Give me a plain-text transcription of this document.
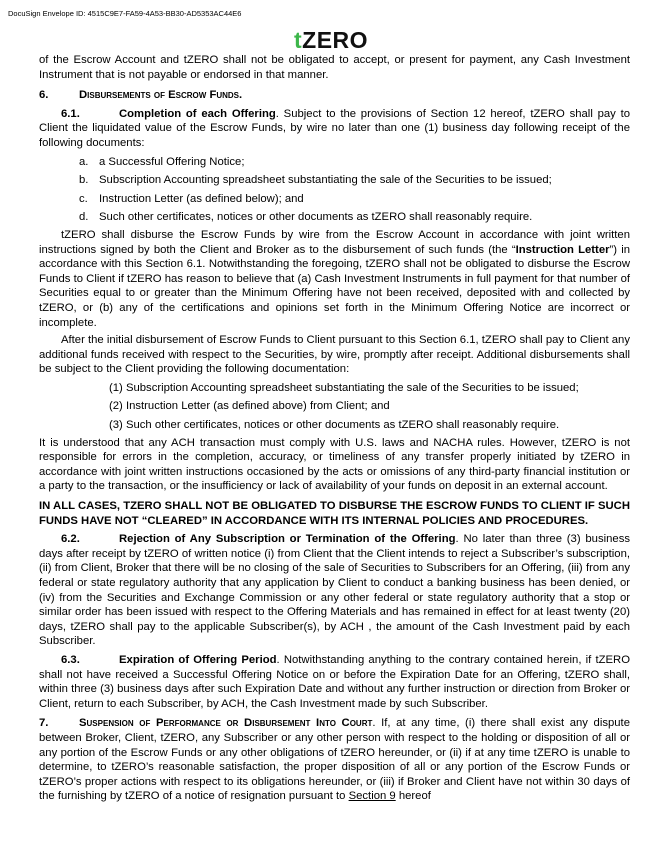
DocuSign Envelope ID: 4515C9E7-FA59-4A53-BB30-AD5353AC44E6
tZERO

of the Escrow Account and tZERO shall not be obligated to accept, or present for payment, any Cash Investment Instrument that is not payable or endorsed in that manner.

6.	Disbursements of Escrow Funds.

6.1.	Completion of each Offering. Subject to the provisions of Section 12 hereof, tZERO shall pay to Client the liquidated value of the Escrow Funds, by wire no later than one (1) business day following receipt of the following documents:

a. a Successful Offering Notice;
b. Subscription Accounting spreadsheet substantiating the sale of the Securities to be issued;
c. Instruction Letter (as defined below); and
d. Such other certificates, notices or other documents as tZERO shall reasonably require.

tZERO shall disburse the Escrow Funds by wire from the Escrow Account in accordance with joint written instructions signed by both the Client and Broker as to the disbursement of such funds (the “Instruction Letter”) in accordance with this Section 6.1. Notwithstanding the foregoing, tZERO shall not be obligated to disburse the Escrow Funds to Client if tZERO has reason to believe that (a) Cash Investment Instruments in full payment for that number of Securities equal to or greater than the Minimum Offering have not been received, deposited with and collected by tZERO, or (b) any of the certifications and opinions set forth in the Minimum Offering Notice are incorrect or incomplete.

After the initial disbursement of Escrow Funds to Client pursuant to this Section 6.1, tZERO shall pay to Client any additional funds received with respect to the Securities, by wire, promptly after receipt. Additional disbursements shall be subject to the Client providing the following documentation:

(1) Subscription Accounting spreadsheet substantiating the sale of the Securities to be issued;
(2) Instruction Letter (as defined above) from Client; and
(3) Such other certificates, notices or other documents as tZERO shall reasonably require.

It is understood that any ACH transaction must comply with U.S. laws and NACHA rules. However, tZERO is not responsible for errors in the completion, accuracy, or timeliness of any transfer properly initiated by tZERO in accordance with joint written instructions occasioned by the acts or omissions of any third-party financial institution or a party to the transaction, or the insufficiency or lack of availability of your funds on deposit in an external account.

IN ALL CASES, TZERO SHALL NOT BE OBLIGATED TO DISBURSE THE ESCROW FUNDS TO CLIENT IF SUCH FUNDS HAVE NOT “CLEARED” IN ACCORDANCE WITH ITS INTERNAL POLICIES AND PROCEDURES.

6.2.	Rejection of Any Subscription or Termination of the Offering. No later than three (3) business days after receipt by tZERO of written notice (i) from Client that the Client intends to reject a Subscriber’s subscription, (ii) from Client, Broker that there will be no closing of the sale of Securities to Subscribers for an Offering, (iii) from any federal or state regulatory authority that any application by Client to conduct a banking business has been denied, or (iv) from the Securities and Exchange Commission or any other federal or state regulatory authority that a stop or similar order has been issued with respect to the Offering Materials and has remained in effect for at least twenty (20) days, tZERO shall pay to the applicable Subscriber(s), by ACH , the amount of the Cash Investment paid by each Subscriber.

6.3.	Expiration of Offering Period. Notwithstanding anything to the contrary contained herein, if tZERO shall not have received a Successful Offering Notice on or before the Expiration Date for an Offering, tZERO shall, within three (3) business days after such Expiration Date and without any further instruction or direction from Broker or Client, return to each Subscriber, by ACH, the Cash Investment made by such Subscriber.

7.	Suspension of Performance or Disbursement Into Court. If, at any time, (i) there shall exist any dispute between Broker, Client, tZERO, any Subscriber or any other person with respect to the holding or disposition of all or any portion of the Escrow Funds or any other obligations of tZERO hereunder, or (ii) if at any time tZERO is unable to determine, to tZERO’s reasonable satisfaction, the proper disposition of all or any portion of the Escrow Funds or tZERO’s proper actions with respect to its obligations hereunder, or (iii) if Broker and Client have not within 30 days of the furnishing by tZERO of a notice of resignation pursuant to Section 9 hereof
